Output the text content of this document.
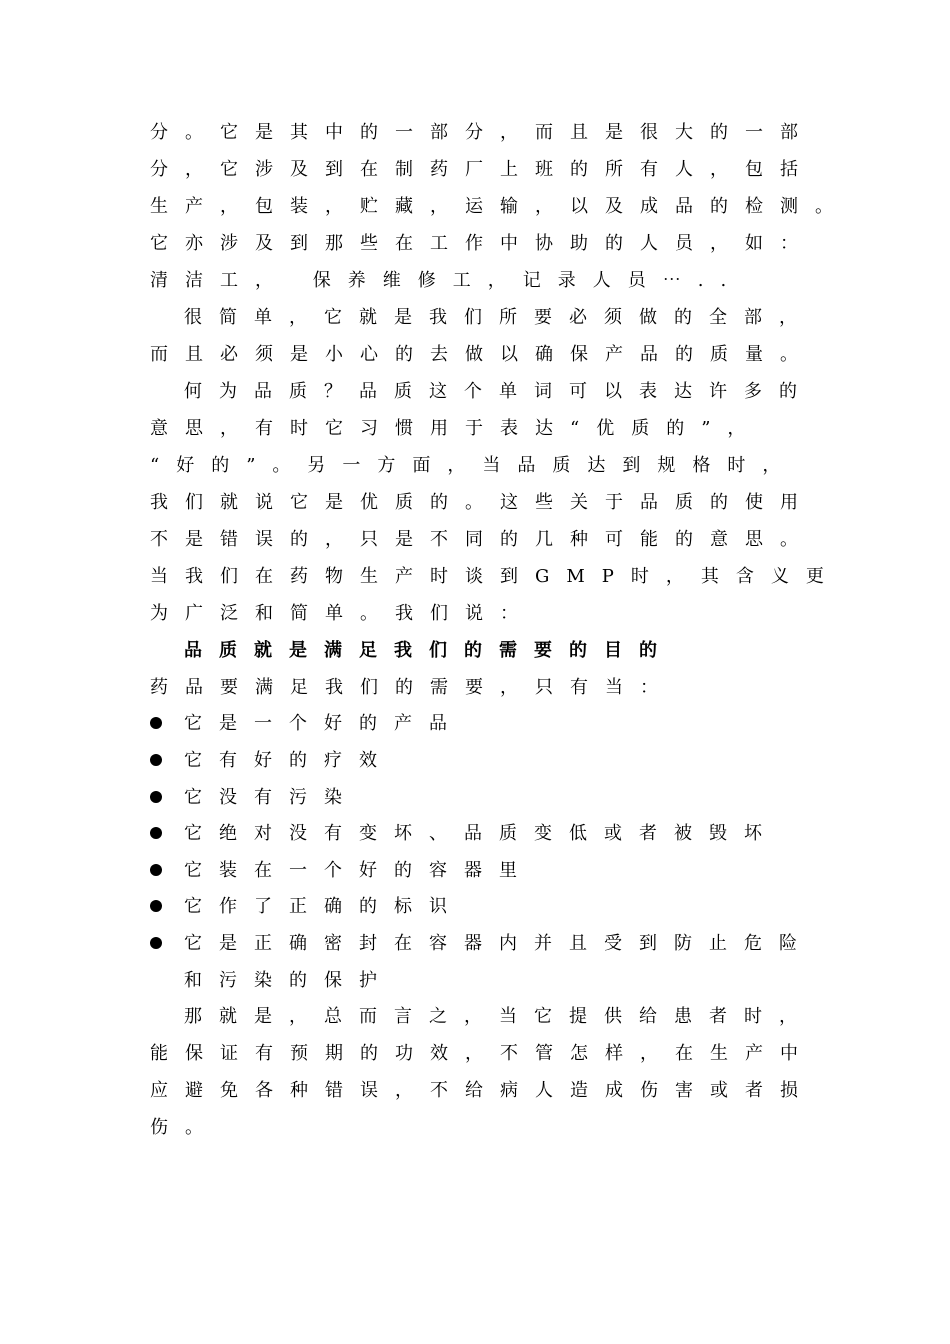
分。它是其中的一部分，而且是很大的一部
分，它涉及到在制药厂上班的所有人，包括
生产，包装，贮藏，运输，以及成品的检测。
它亦涉及到那些在工作中协助的人员，如：
清洁工， 保养维修工，记录人员⋯..
很简单，它就是我们所要必须做的全部，
而且必须是小心的去做以确保产品的质量。
何为品质？品质这个单词可以表达许多的
意思，有时它习惯用于表达“优质的”，
“好的”。另一方面，当品质达到规格时，
我们就说它是优质的。这些关于品质的使用
不是错误的，只是不同的几种可能的意思。
当我们在药物生产时谈到GMP时，其含义更
为广泛和简单。我们说：
品质就是满足我们的需要的目的
药品要满足我们的需要，只有当：
它是一个好的产品
它有好的疗效
它没有污染
它绝对没有变坏、品质变低或者被毁坏
它装在一个好的容器里
它作了正确的标识
它是正确密封在容器内并且受到防止危险
和污染的保护
那就是，总而言之，当它提供给患者时，
能保证有预期的功效，不管怎样，在生产中
应避免各种错误，不给病人造成伤害或者损
伤。
